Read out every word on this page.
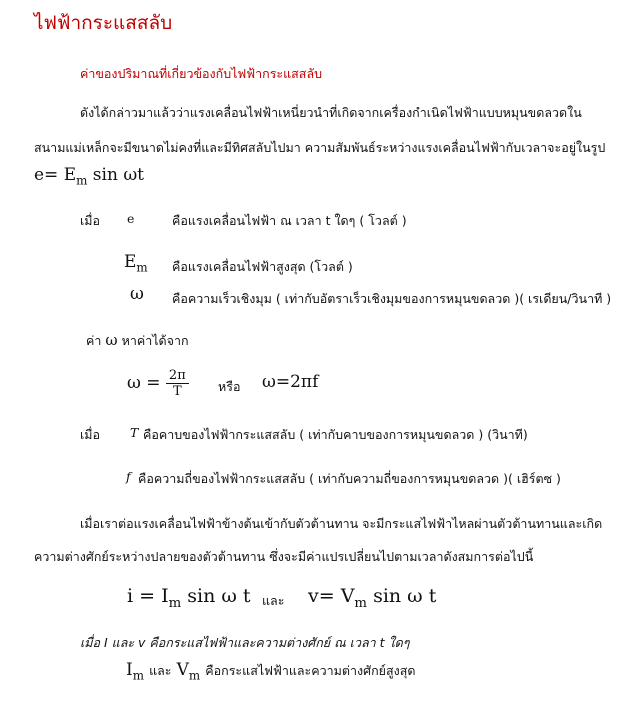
ไฟฟ้ากระแสสลับ
ค่าของปริมาณที่เกี่ยวข้องกับไฟฟ้ากระแสสลับ
ดังได้กล่าวมาแล้วว่าแรงเคลื่อนไฟฟ้าเหนี่ยวนำที่เกิดจากเครื่องกำเนิดไฟฟ้าแบบหมุนขดลวดใน
สนามแม่เหล็กจะมีขนาดไม่คงที่และมีทิศสลับไปมา ความสัมพันธ์ระหว่างแรงเคลื่อนไฟฟ้ากับเวลาจะอยู่ในรูป
$e= E_m$ sin ωt
เมื่อ e	คือแรงเคลื่อนไฟฟ้า ณ เวลา t ใดๆ ( โวลต์ )
$E_m$ คือแรงเคลื่อนไฟฟ้าสูงสุด (โวลต์ )
ω คือความเร็วเชิงมุม ( เท่ากับอัตราเร็วเชิงมุมของการหมุนขดลวด )( เรเดียน/วินาที )
ค่า ω หาค่าได้จาก
$\omega = \frac{2\pi}{T}$ หรือ ω=2πf
เมื่อ T คือคาบของไฟฟ้ากระแสสลับ ( เท่ากับคาบของการหมุนขดลวด ) (วินาที)
f คือความถี่ของไฟฟ้ากระแสสลับ ( เท่ากับความถี่ของการหมุนขดลวด )( เฮิร์ตซ )
เมื่อเราต่อแรงเคลื่อนไฟฟ้าข้างต้นเข้ากับตัวต้านทาน จะมีกระแสไฟฟ้าไหลผ่านตัวต้านทานและเกิด
ความต่างศักย์ระหว่างปลายของตัวต้านทาน ซึ่งจะมีค่าแปรเปลี่ยนไปตามเวลาดังสมการต่อไปนี้
$i = I_m$ sin ω t และ $v= V_m$ sin ω t
เมื่อ I และ v คือกระแสไฟฟ้าและความต่างศักย์ ณ เวลา t ใดๆ
$I_m$ และ $V_m$ คือกระแสไฟฟ้าและความต่างศักย์สูงสุด
